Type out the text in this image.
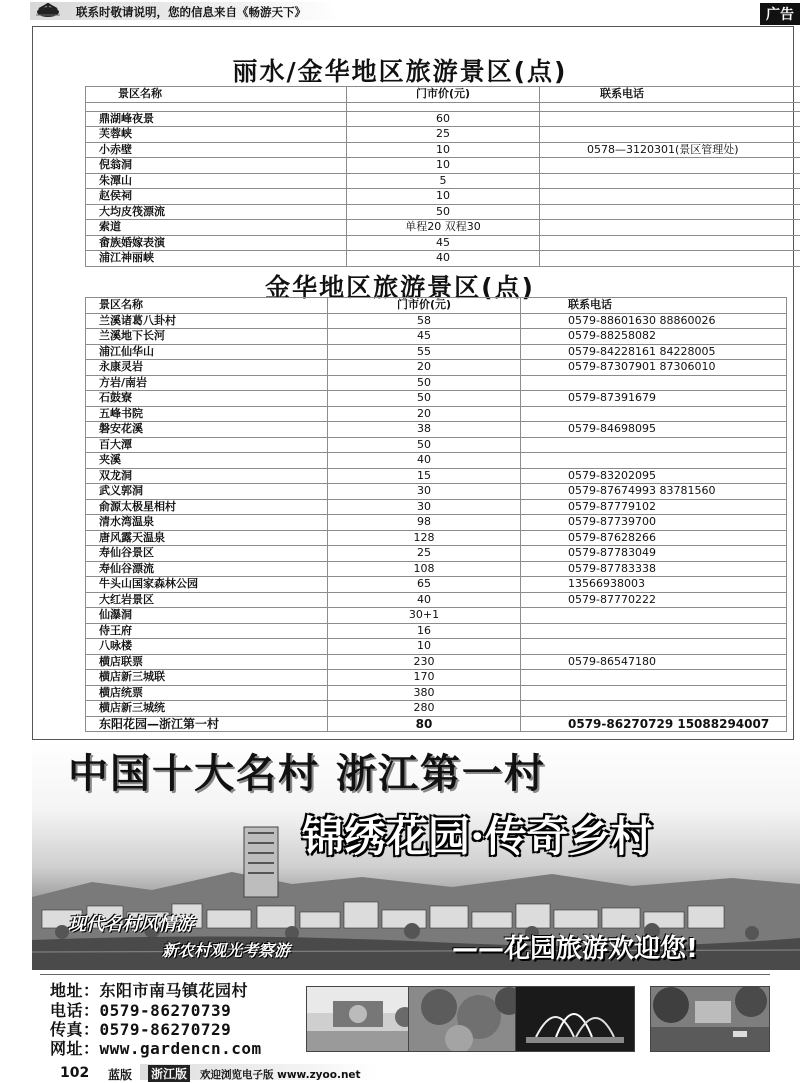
联系时敬请说明，您的信息来自《畅游天下》	广告
丽水/金华地区旅游景区(点)
景区名称	门市价(元)	联系电话

鼎湖峰夜景	60	
芙蓉峡	25	
小赤壁	10	0578—3120301(景区管理处)
倪翁洞	10	
朱潭山	5	
赵侯祠	10	
大均皮筏漂流	50	
索道	单程20 双程30	
畲族婚嫁表演	45	
浦江神丽峡	40	
金华地区旅游景区(点)
景区名称	门市价(元)	联系电话
兰溪诸葛八卦村	58	0579-88601630 88860026
兰溪地下长河	45	0579-88258082
浦江仙华山	55	0579-84228161 84228005
永康灵岩	20	0579-87307901 87306010
方岩/南岩	50	
石鼓寮	50	0579-87391679
五峰书院	20	
磐安花溪	38	0579-84698095
百大潭	50	
夹溪	40	
双龙洞	15	0579-83202095
武义郭洞	30	0579-87674993 83781560
俞源太极星相村	30	0579-87779102
清水湾温泉	98	0579-87739700
唐风露天温泉	128	0579-87628266
寿仙谷景区	25	0579-87783049
寿仙谷漂流	108	0579-87783338
牛头山国家森林公园	65	13566938003
大红岩景区	40	0579-87770222
仙瀑洞	30+1	
侍王府	16	
八咏楼	10	
横店联票	230	0579-86547180
横店新三城联	170	
横店统票	380	
横店新三城统	280	
东阳花园—浙江第一村	80	0579-86270729 15088294007
中国十大名村 浙江第一村
锦绣花园·传奇乡村
现代名村风情游
新农村观光考察游	——花园旅游欢迎您!
地址：东阳市南马镇花园村
电话：0579-86270739
传真：0579-86270729
网址：www.gardencn.com
102 蓝版 浙江版 欢迎浏览电子版 www.zyoo.net
